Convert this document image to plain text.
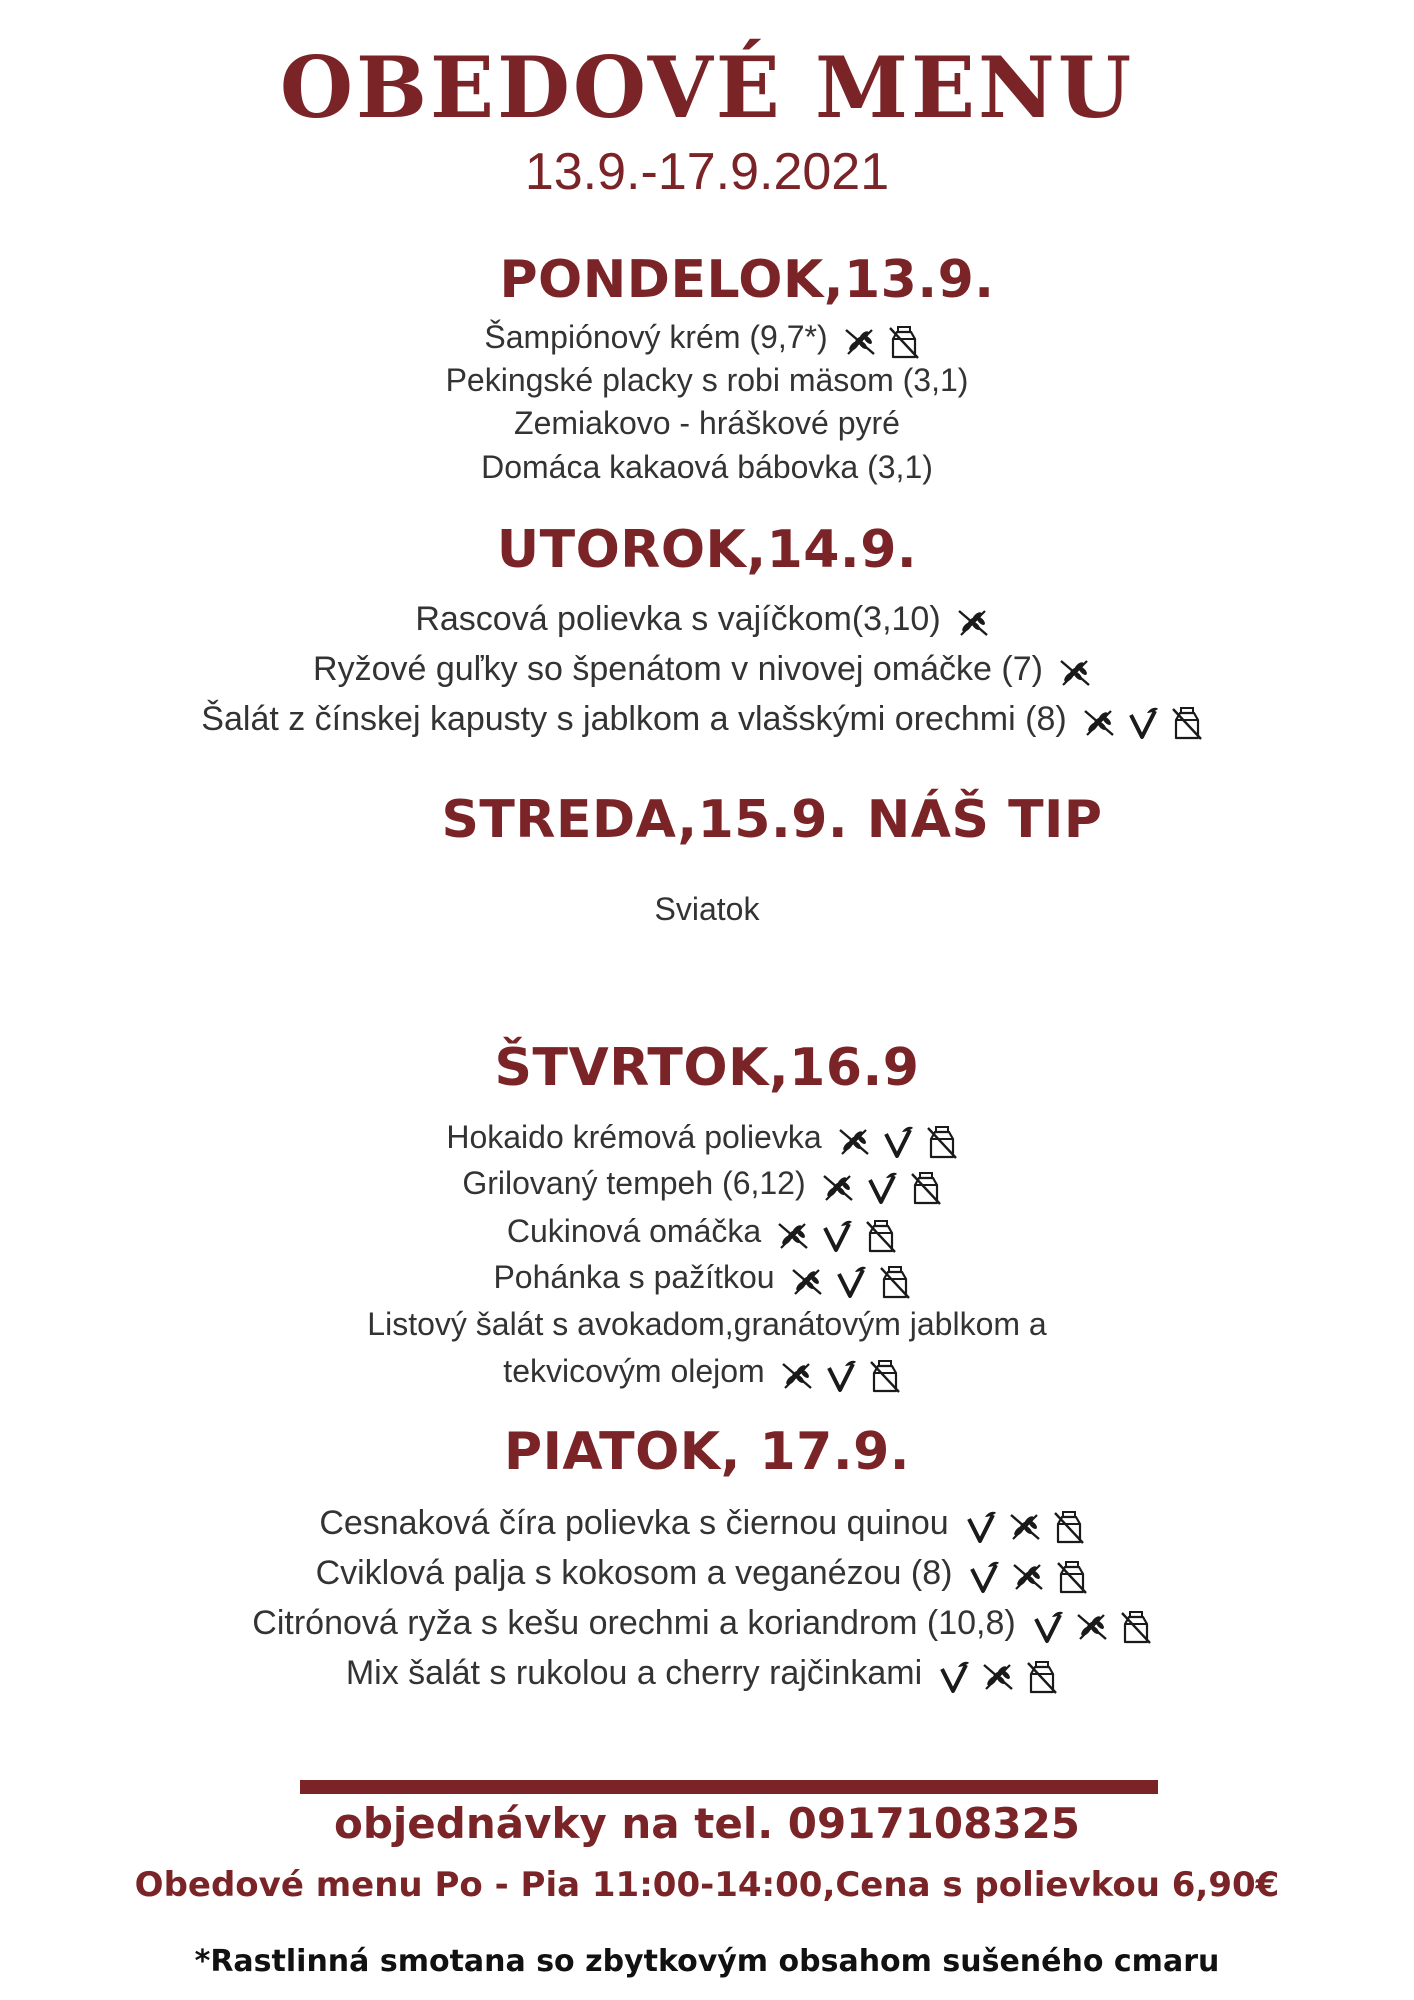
OBEDOVÉ MENU
13.9.-17.9.2021
PONDELOK,13.9.
Šampiónový krém (9,7*)
Pekingské placky s robi mäsom (3,1)
Zemiakovo - hráškové pyré
Domáca kakaová bábovka (3,1)
UTOROK,14.9.
Rascová polievka s vajíčkom(3,10)
Ryžové guľky so špenátom v nivovej omáčke (7)
Šalát z čínskej kapusty s jablkom a vlašskými orechmi (8)
STREDA,15.9. NÁŠ TIP
Sviatok
ŠTVRTOK,16.9
Hokaido krémová polievka
Grilovaný tempeh (6,12)
Cukinová omáčka
Pohánka s pažítkou
Listový šalát s avokadom,granátovým jablkom a
tekvicovým olejom
PIATOK, 17.9.
Cesnaková číra polievka s čiernou quinou
Cviklová palja s kokosom a veganézou (8)
Citrónová ryža s kešu orechmi a koriandrom (10,8)
Mix šalát s rukolou a cherry rajčinkami
objednávky na tel. 0917108325
Obedové menu Po - Pia 11:00-14:00,Cena s polievkou 6,90€
*Rastlinná smotana so zbytkovým obsahom sušeného cmaru
